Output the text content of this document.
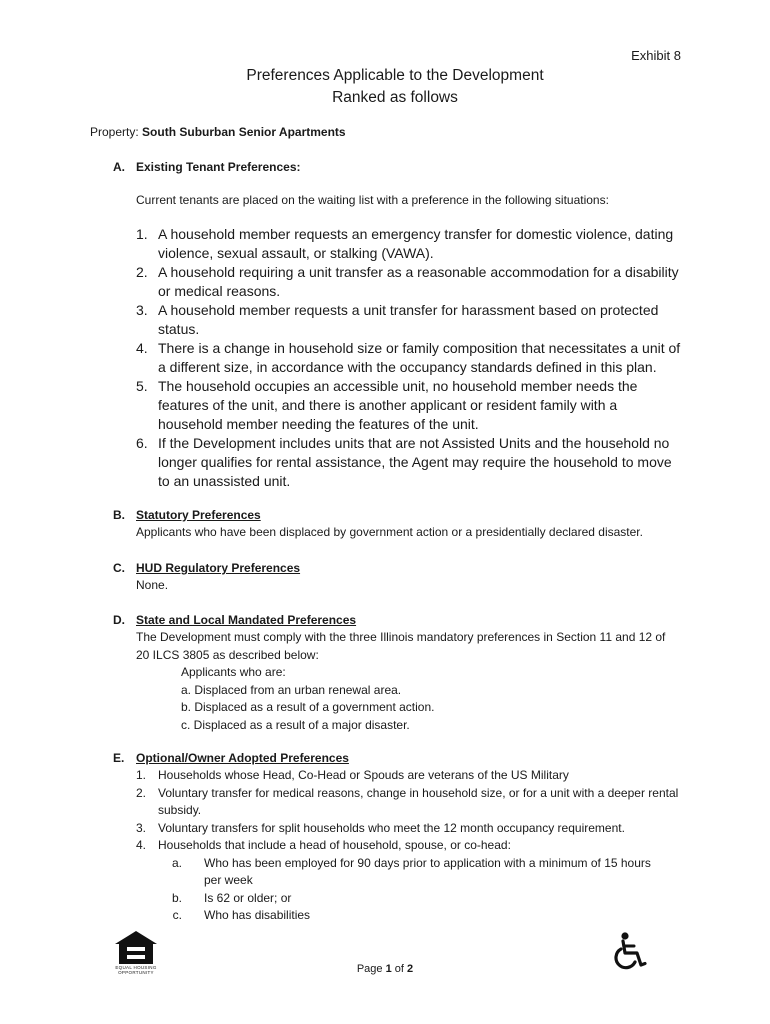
Exhibit 8
Preferences Applicable to the Development
Ranked as follows
Property: South Suburban Senior Apartments
A. Existing Tenant Preferences:
Current tenants are placed on the waiting list with a preference in the following situations:
1. A household member requests an emergency transfer for domestic violence, dating violence, sexual assault, or stalking (VAWA).
2. A household requiring a unit transfer as a reasonable accommodation for a disability or medical reasons.
3. A household member requests a unit transfer for harassment based on protected status.
4. There is a change in household size or family composition that necessitates a unit of a different size, in accordance with the occupancy standards defined in this plan.
5. The household occupies an accessible unit, no household member needs the features of the unit, and there is another applicant or resident family with a household member needing the features of the unit.
6. If the Development includes units that are not Assisted Units and the household no longer qualifies for rental assistance, the Agent may require the household to move to an unassisted unit.
B. Statutory Preferences
Applicants who have been displaced by government action or a presidentially declared disaster.
C. HUD Regulatory Preferences
None.
D. State and Local Mandated Preferences
The Development must comply with the three Illinois mandatory preferences in Section 11 and 12 of 20 ILCS 3805 as described below:
Applicants who are:
a. Displaced from an urban renewal area.
b. Displaced as a result of a government action.
c. Displaced as a result of a major disaster.
E. Optional/Owner Adopted Preferences
1. Households whose Head, Co-Head or Spouds are veterans of the US Military
2. Voluntary transfer for medical reasons, change in household size, or for a unit with a deeper rental subsidy.
3. Voluntary transfers for split households who meet the 12 month occupancy requirement.
4. Households that include a head of household, spouse, or co-head:
a.	Who has been employed for 90 days prior to application with a minimum of 15 hours per week
b.	Is 62 or older; or
c.	Who has disabilities
EQUAL HOUSING OPPORTUNITY	Page 1 of 2
